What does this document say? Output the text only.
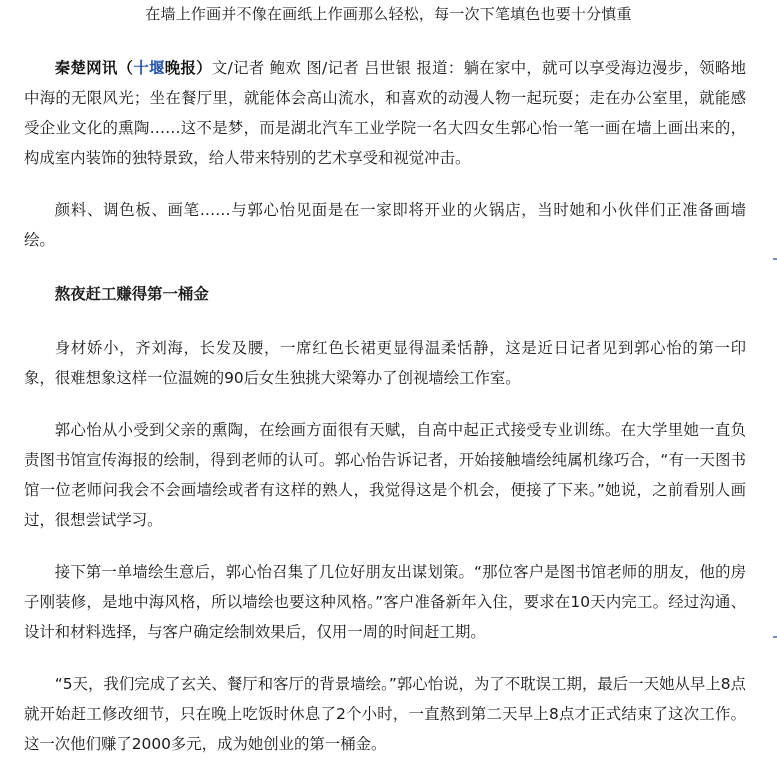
在墙上作画并不像在画纸上作画那么轻松，每一次下笔填色也要十分慎重

秦楚网讯（十堰晚报）文/记者 鲍欢 图/记者 吕世银 报道：躺在家中，就可以享受海边漫步，领略地中海的无限风光；坐在餐厅里，就能体会高山流水，和喜欢的动漫人物一起玩耍；走在办公室里，就能感受企业文化的熏陶……这不是梦，而是湖北汽车工业学院一名大四女生郭心怡一笔一画在墙上画出来的，构成室内装饰的独特景致，给人带来特别的艺术享受和视觉冲击。

颜料、调色板、画笔……与郭心怡见面是在一家即将开业的火锅店，当时她和小伙伴们正准备画墙绘。

熬夜赶工赚得第一桶金

身材娇小，齐刘海，长发及腰，一席红色长裙更显得温柔恬静，这是近日记者见到郭心怡的第一印象，很难想象这样一位温婉的90后女生独挑大梁筹办了创视墙绘工作室。

郭心怡从小受到父亲的熏陶，在绘画方面很有天赋，自高中起正式接受专业训练。在大学里她一直负责图书馆宣传海报的绘制，得到老师的认可。郭心怡告诉记者，开始接触墙绘纯属机缘巧合，“有一天图书馆一位老师问我会不会画墙绘或者有这样的熟人，我觉得这是个机会，便接了下来。”她说，之前看别人画过，很想尝试学习。

接下第一单墙绘生意后，郭心怡召集了几位好朋友出谋划策。“那位客户是图书馆老师的朋友，他的房子刚装修，是地中海风格，所以墙绘也要这种风格。”客户准备新年入住，要求在10天内完工。经过沟通、设计和材料选择，与客户确定绘制效果后，仅用一周的时间赶工期。

“5天，我们完成了玄关、餐厅和客厅的背景墙绘。”郭心怡说，为了不耽误工期，最后一天她从早上8点就开始赶工修改细节，只在晚上吃饭时休息了2个小时，一直熬到第二天早上8点才正式结束了这次工作。这一次他们赚了2000多元，成为她创业的第一桶金。
